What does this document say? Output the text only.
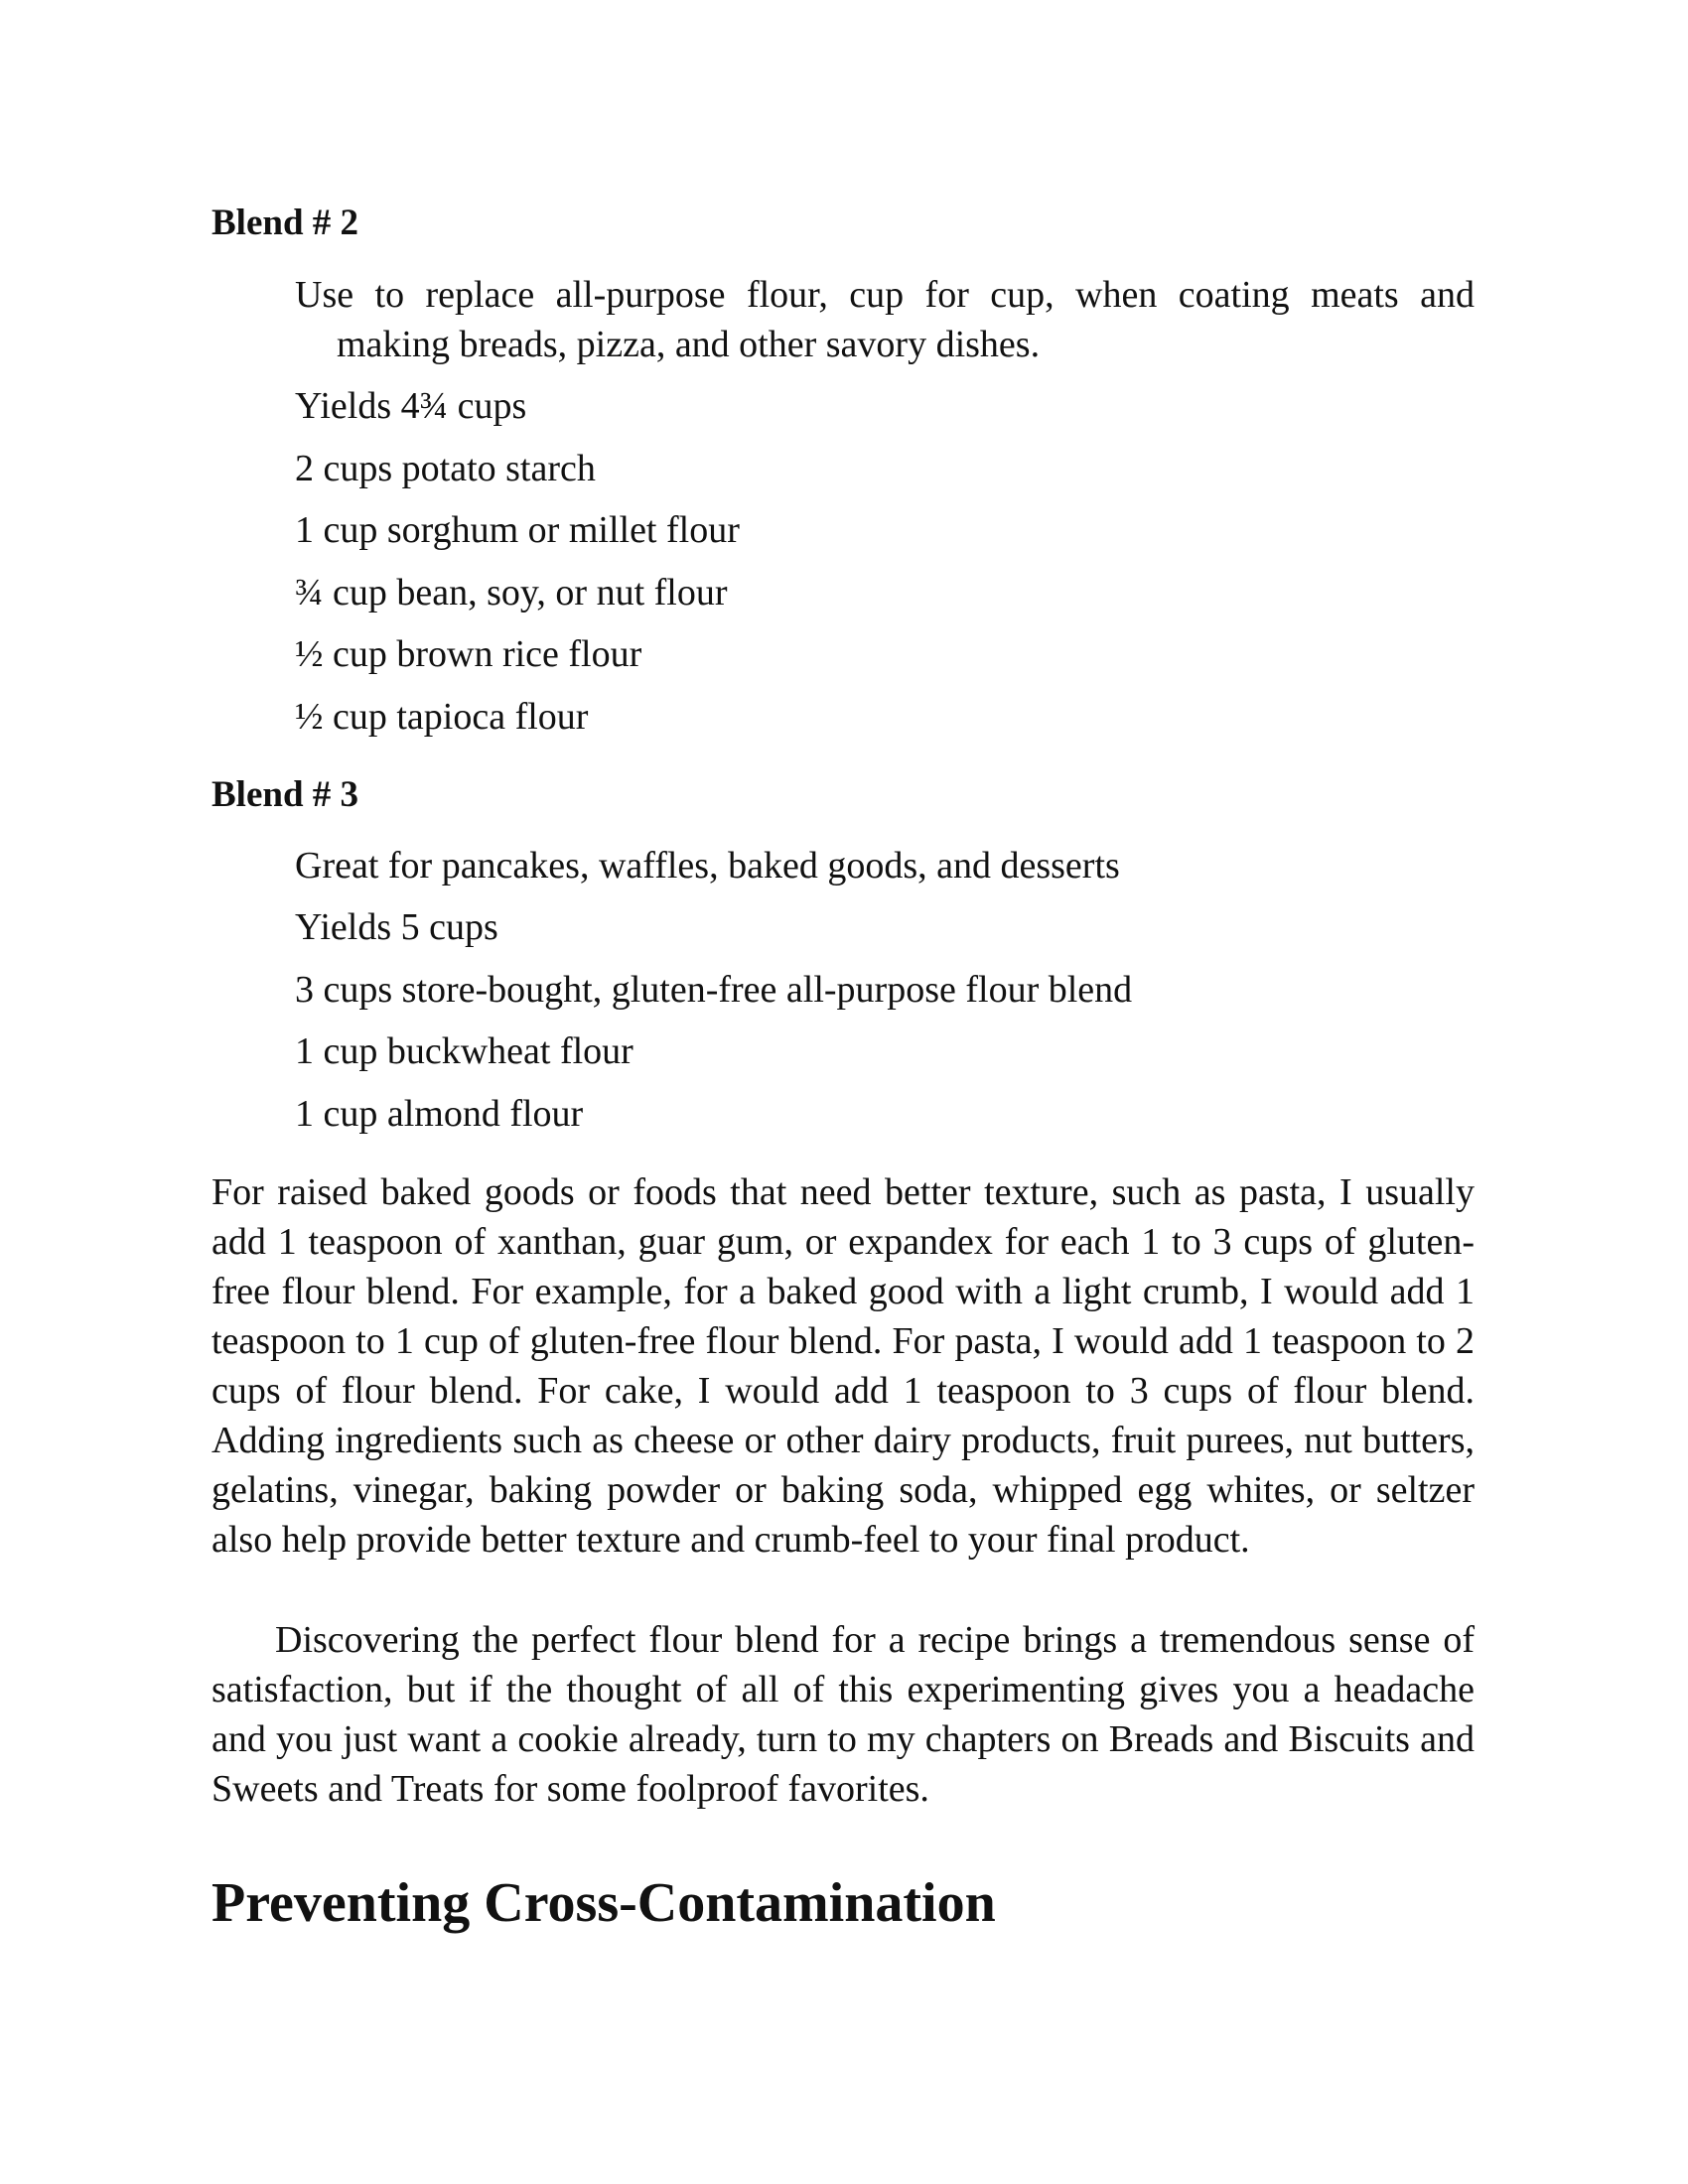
Blend # 2

Use to replace all-purpose flour, cup for cup, when coating meats and
making breads, pizza, and other savory dishes.

Yields 4¾ cups

2 cups potato starch

1 cup sorghum or millet flour

¾ cup bean, soy, or nut flour

½ cup brown rice flour

½ cup tapioca flour

Blend # 3

Great for pancakes, waffles, baked goods, and desserts

Yields 5 cups

3 cups store-bought, gluten-free all-purpose flour blend

1 cup buckwheat flour

1 cup almond flour

For raised baked goods or foods that need better texture, such as pasta, I usually add 1 teaspoon of xanthan, guar gum, or expandex for each 1 to 3 cups of gluten-free flour blend. For example, for a baked good with a light crumb, I would add 1 teaspoon to 1 cup of gluten-free flour blend. For pasta, I would add 1 teaspoon to 2 cups of flour blend. For cake, I would add 1 teaspoon to 3 cups of flour blend. Adding ingredients such as cheese or other dairy products, fruit purees, nut butters, gelatins, vinegar, baking powder or baking soda, whipped egg whites, or seltzer also help provide better texture and crumb-feel to your final product.

Discovering the perfect flour blend for a recipe brings a tremendous sense of satisfaction, but if the thought of all of this experimenting gives you a headache and you just want a cookie already, turn to my chapters on Breads and Biscuits and Sweets and Treats for some foolproof favorites.

Preventing Cross-Contamination
